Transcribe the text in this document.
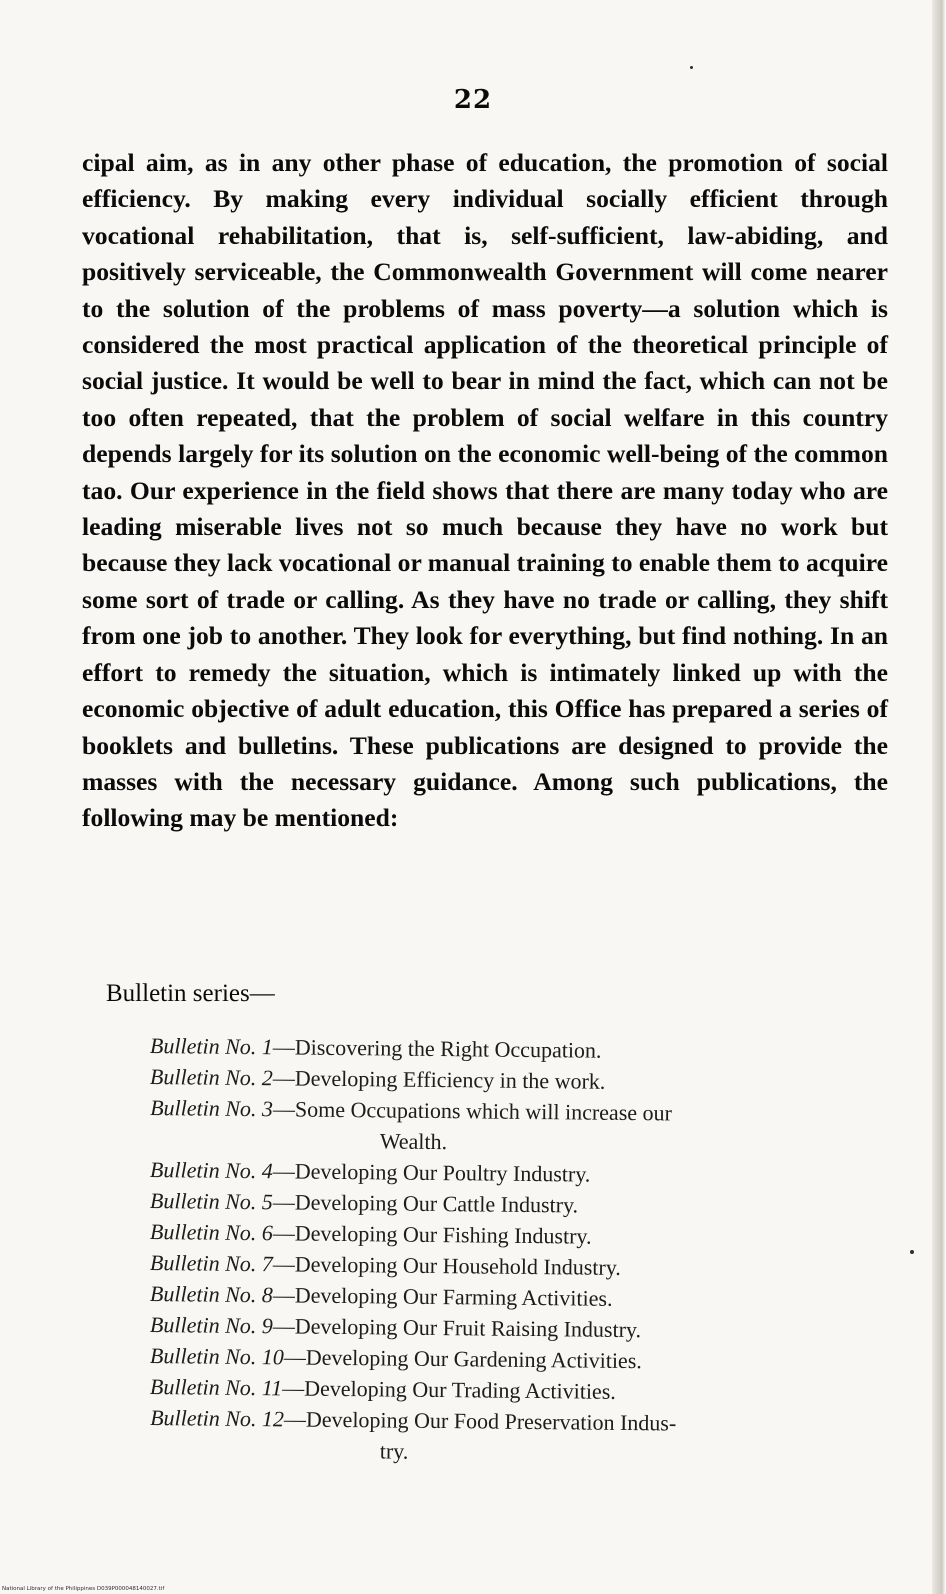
22

cipal aim, as in any other phase of education, the promotion of social efficiency. By making every individual socially efficient through vocational rehabilitation, that is, self-sufficient, law-abiding, and positively serviceable, the Commonwealth Government will come nearer to the solution of the problems of mass poverty—a solution which is considered the most practical application of the theoretical principle of social justice. It would be well to bear in mind the fact, which can not be too often repeated, that the problem of social welfare in this country depends largely for its solution on the economic well-being of the common tao. Our experience in the field shows that there are many today who are leading miserable lives not so much because they have no work but because they lack vocational or manual training to enable them to acquire some sort of trade or calling. As they have no trade or calling, they shift from one job to another. They look for everything, but find nothing. In an effort to remedy the situation, which is intimately linked up with the economic objective of adult education, this Office has prepared a series of booklets and bulletins. These publications are designed to provide the masses with the necessary guidance. Among such publications, the following may be mentioned:

Bulletin series—
Bulletin No. 1—Discovering the Right Occupation.
Bulletin No. 2—Developing Efficiency in the work.
Bulletin No. 3—Some Occupations which will increase our
Wealth.
Bulletin No. 4—Developing Our Poultry Industry.
Bulletin No. 5—Developing Our Cattle Industry.
Bulletin No. 6—Developing Our Fishing Industry.
Bulletin No. 7—Developing Our Household Industry.
Bulletin No. 8—Developing Our Farming Activities.
Bulletin No. 9—Developing Our Fruit Raising Industry.
Bulletin No. 10—Developing Our Gardening Activities.
Bulletin No. 11—Developing Our Trading Activities.
Bulletin No. 12—Developing Our Food Preservation Indus-
try.
National Library of the Philippines D039P000048140027.tif
